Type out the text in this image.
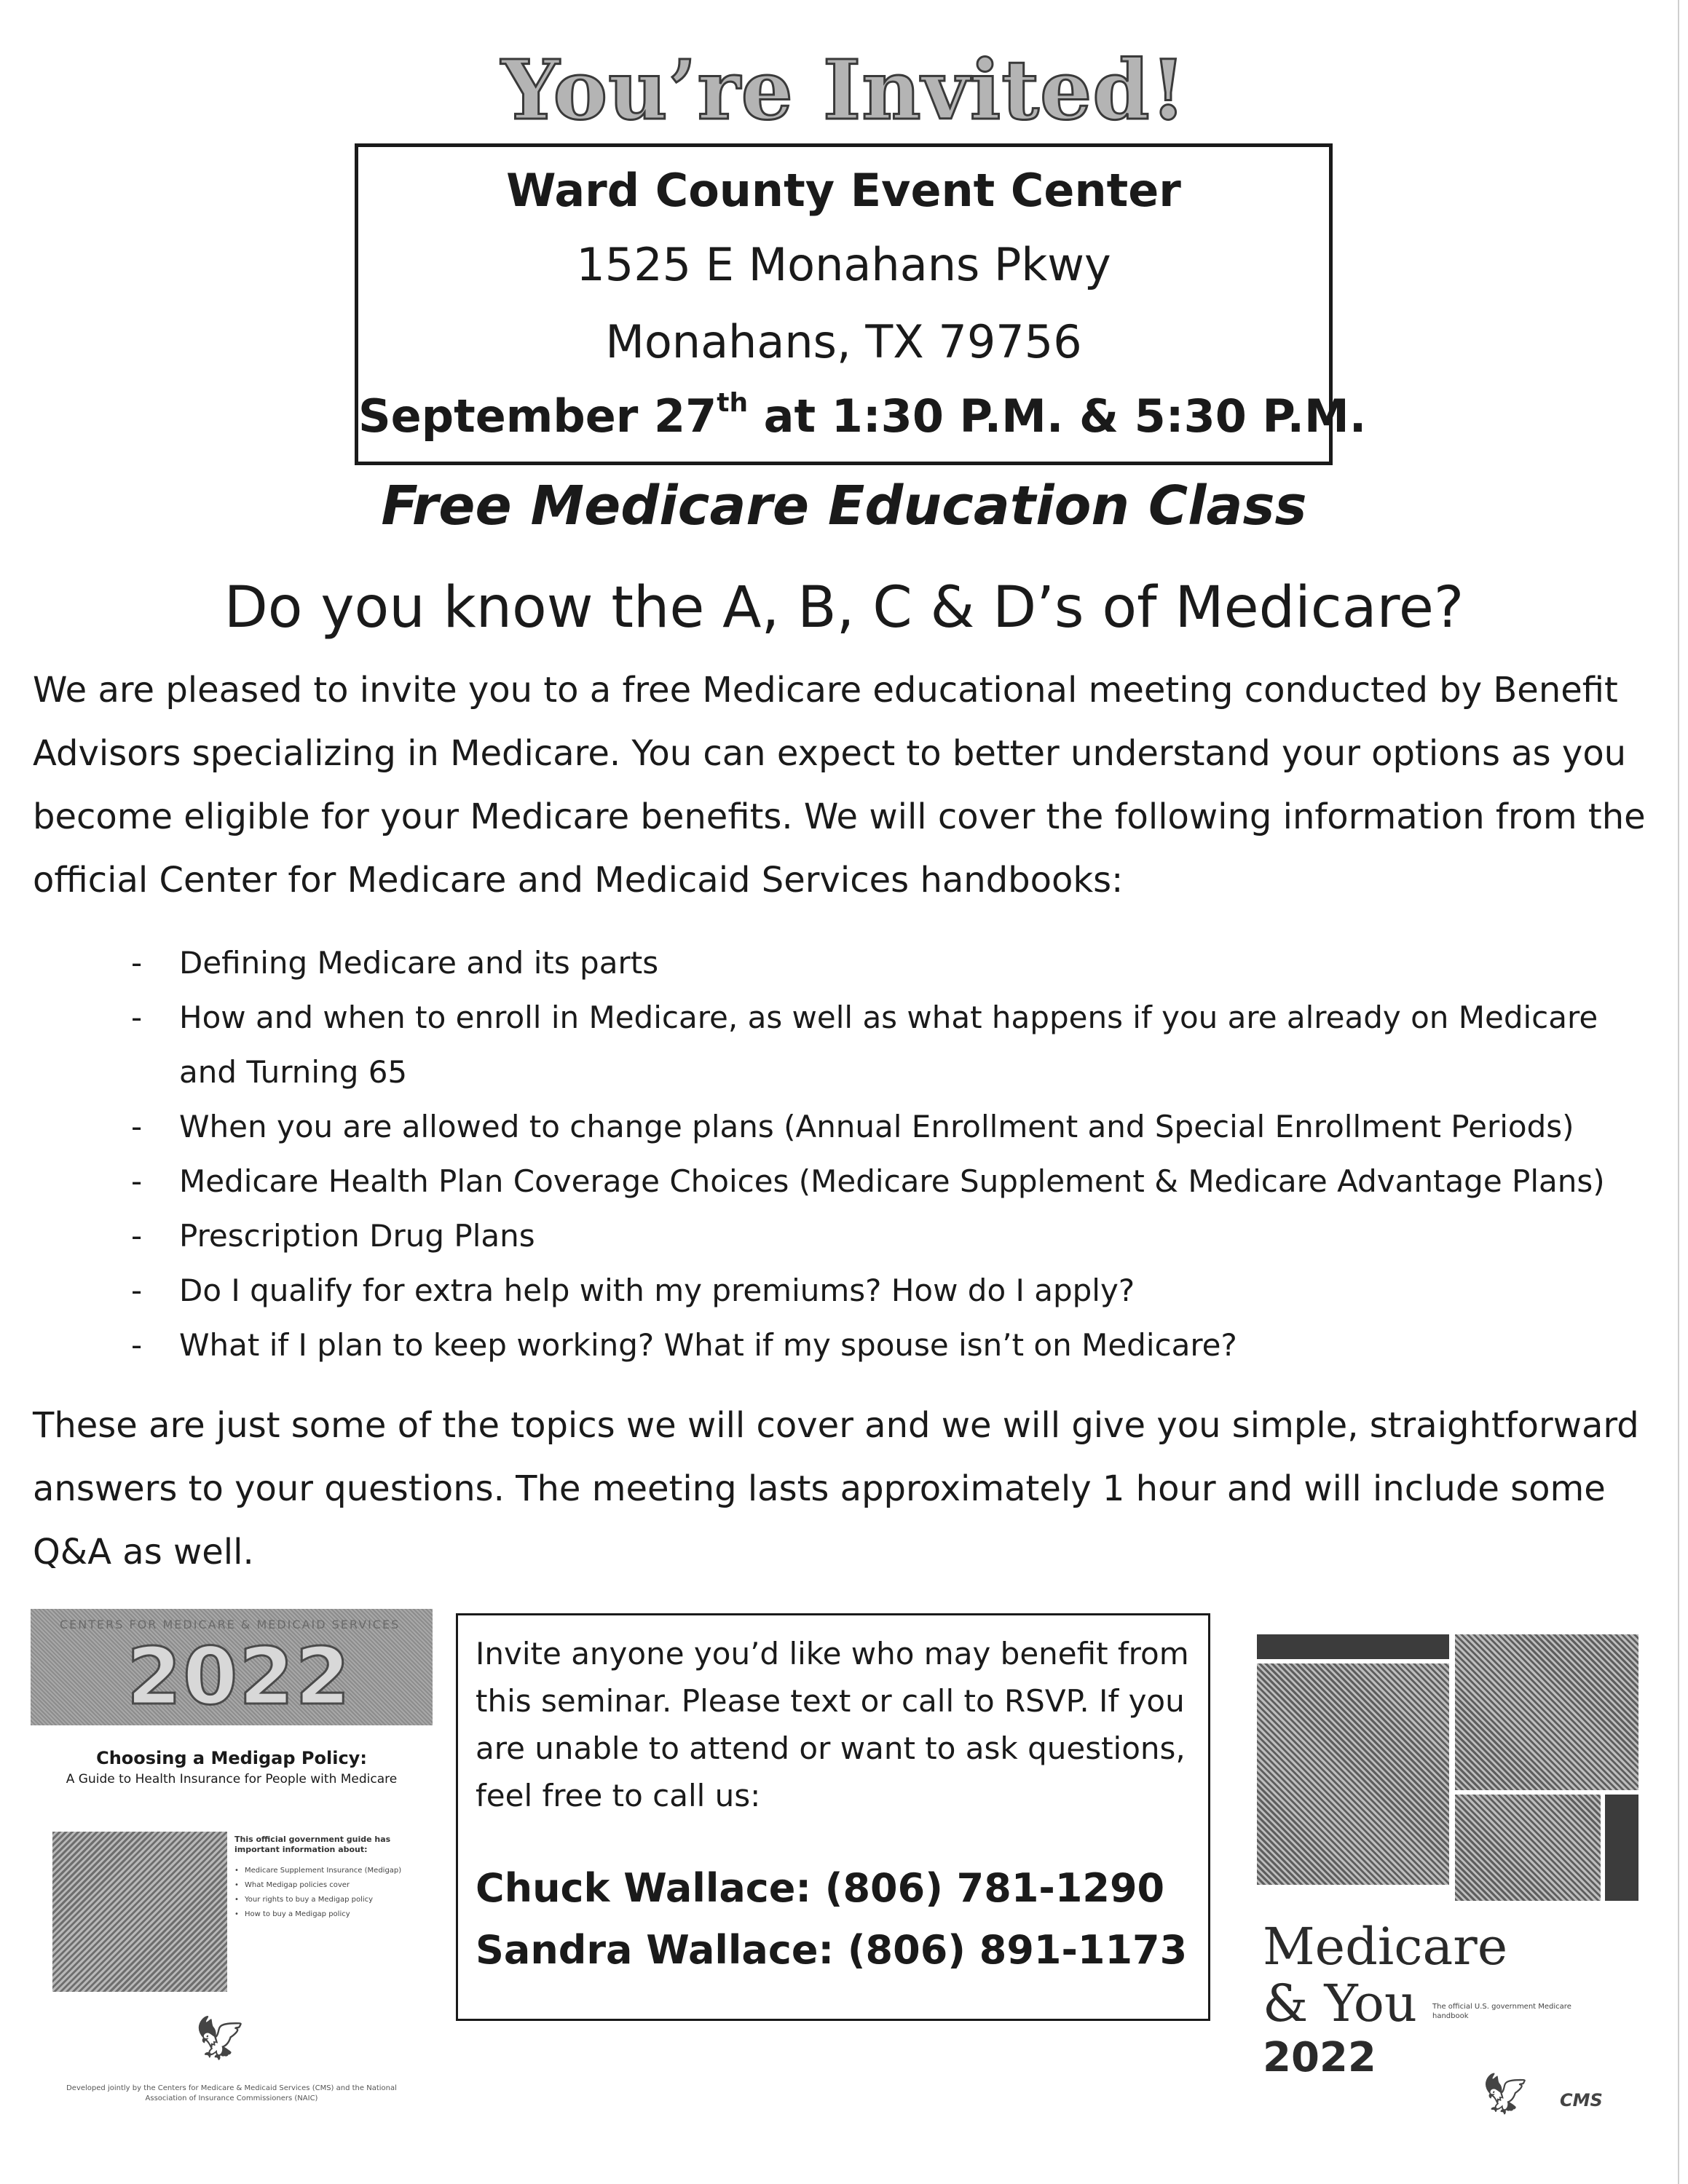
You’re Invited!
Ward County Event Center
1525 E Monahans Pkwy
Monahans, TX 79756
September 27th at 1:30 P.M. & 5:30 P.M.
Free Medicare Education Class
Do you know the A, B, C & D’s of Medicare?

We are pleased to invite you to a free Medicare educational meeting conducted by Benefit Advisors specializing in Medicare. You can expect to better understand your options as you become eligible for your Medicare benefits. We will cover the following information from the official Center for Medicare and Medicaid Services handbooks:

- Defining Medicare and its parts
- How and when to enroll in Medicare, as well as what happens if you are already on Medicare and Turning 65
- When you are allowed to change plans (Annual Enrollment and Special Enrollment Periods)
- Medicare Health Plan Coverage Choices (Medicare Supplement & Medicare Advantage Plans)
- Prescription Drug Plans
- Do I qualify for extra help with my premiums? How do I apply?
- What if I plan to keep working? What if my spouse isn’t on Medicare?

These are just some of the topics we will cover and we will give you simple, straightforward answers to your questions. The meeting lasts approximately 1 hour and will include some Q&A as well.

CENTERS FOR MEDICARE & MEDICAID SERVICES
2022
Choosing a Medigap Policy:
A Guide to Health Insurance for People with Medicare
This official government guide has important information about:
• Medicare Supplement Insurance (Medigap)
• What Medigap policies cover
• Your rights to buy a Medigap policy
• How to buy a Medigap policy
🦅︎
Developed jointly by the Centers for Medicare & Medicaid Services (CMS) and the National Association of Insurance Commissioners (NAIC)

Invite anyone you’d like who may benefit from this seminar. Please text or call to RSVP. If you are unable to attend or want to ask questions, feel free to call us:

Chuck Wallace: (806) 781-1290
Sandra Wallace: (806) 891-1173 Medicare
& You	The official U.S. government Medicare handbook
2022
🦅︎ CMS
